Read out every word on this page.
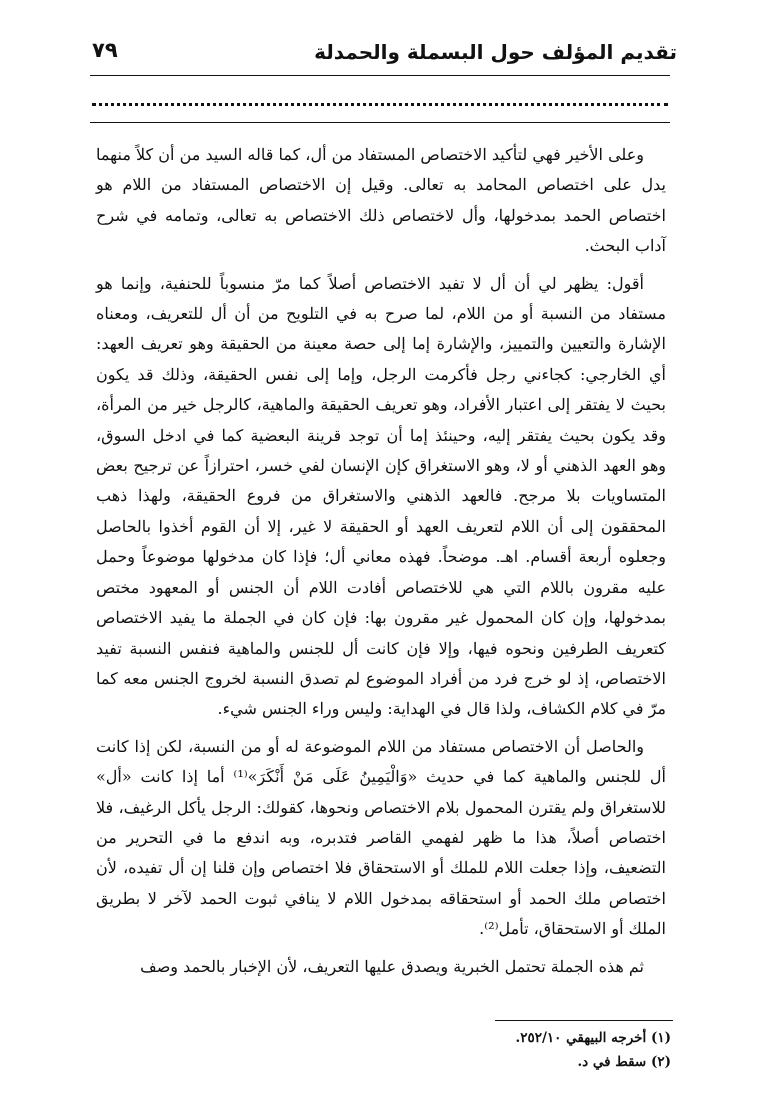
تقديم المؤلف حول البسملة والحمدلة
٧٩

وعلى الأخير فهي لتأكيد الاختصاص المستفاد من أل، كما قاله السيد من أن كلاً منهما يدل على اختصاص المحامد به تعالى. وقيل إن الاختصاص المستفاد من اللام هو اختصاص الحمد بمدخولها، وأل لاختصاص ذلك الاختصاص به تعالى، وتمامه في شرح آداب البحث.

أقول: يظهر لي أن أل لا تفيد الاختصاص أصلاً كما مرّ منسوباً للحنفية، وإنما هو مستفاد من النسبة أو من اللام، لما صرح به في التلويح من أن أل للتعريف، ومعناه الإشارة والتعيين والتمييز، والإشارة إما إلى حصة معينة من الحقيقة وهو تعريف العهد: أي الخارجي: كجاءني رجل فأكرمت الرجل، وإما إلى نفس الحقيقة، وذلك قد يكون بحيث لا يفتقر إلى اعتبار الأفراد، وهو تعريف الحقيقة والماهية، كالرجل خير من المرأة، وقد يكون بحيث يفتقر إليه، وحينئذ إما أن توجد قرينة البعضية كما في ادخل السوق، وهو العهد الذهني أو لا، وهو الاستغراق كإن الإنسان لفي خسر، احترازاً عن ترجيح بعض المتساويات بلا مرجح. فالعهد الذهني والاستغراق من فروع الحقيقة، ولهذا ذهب المحققون إلى أن اللام لتعريف العهد أو الحقيقة لا غير، إلا أن القوم أخذوا بالحاصل وجعلوه أربعة أقسام. اهـ. موضحاً. فهذه معاني أل؛ فإذا كان مدخولها موضوعاً وحمل عليه مقرون باللام التي هي للاختصاص أفادت اللام أن الجنس أو المعهود مختص بمدخولها، وإن كان المحمول غير مقرون بها: فإن كان في الجملة ما يفيد الاختصاص كتعريف الطرفين ونحوه فيها، وإلا فإن كانت أل للجنس والماهية فنفس النسبة تفيد الاختصاص، إذ لو خرج فرد من أفراد الموضوع لم تصدق النسبة لخروج الجنس معه كما مرّ في كلام الكشاف، ولذا قال في الهداية: وليس وراء الجنس شيء.

والحاصل أن الاختصاص مستفاد من اللام الموضوعة له أو من النسبة، لكن إذا كانت أل للجنس والماهية كما في حديث «وَالْيَمِينُ عَلَى مَنْ أَنْكَرَ»⁽¹⁾ أما إذا كانت «أل» للاستغراق ولم يقترن المحمول بلام الاختصاص ونحوها، كقولك: الرجل يأكل الرغيف، فلا اختصاص أصلاً، هذا ما ظهر لفهمي القاصر فتدبره، وبه اندفع ما في التحرير من التضعيف، وإذا جعلت اللام للملك أو الاستحقاق فلا اختصاص وإن قلنا إن أل تفيده، لأن اختصاص ملك الحمد أو استحقاقه بمدخول اللام لا ينافي ثبوت الحمد لآخر لا بطريق الملك أو الاستحقاق، تأمل⁽²⁾.

ثم هذه الجملة تحتمل الخبرية ويصدق عليها التعريف، لأن الإخبار بالحمد وصف

(١) أخرجه البيهقي ٢٥٢/١٠.
(٢) سقط في د.
